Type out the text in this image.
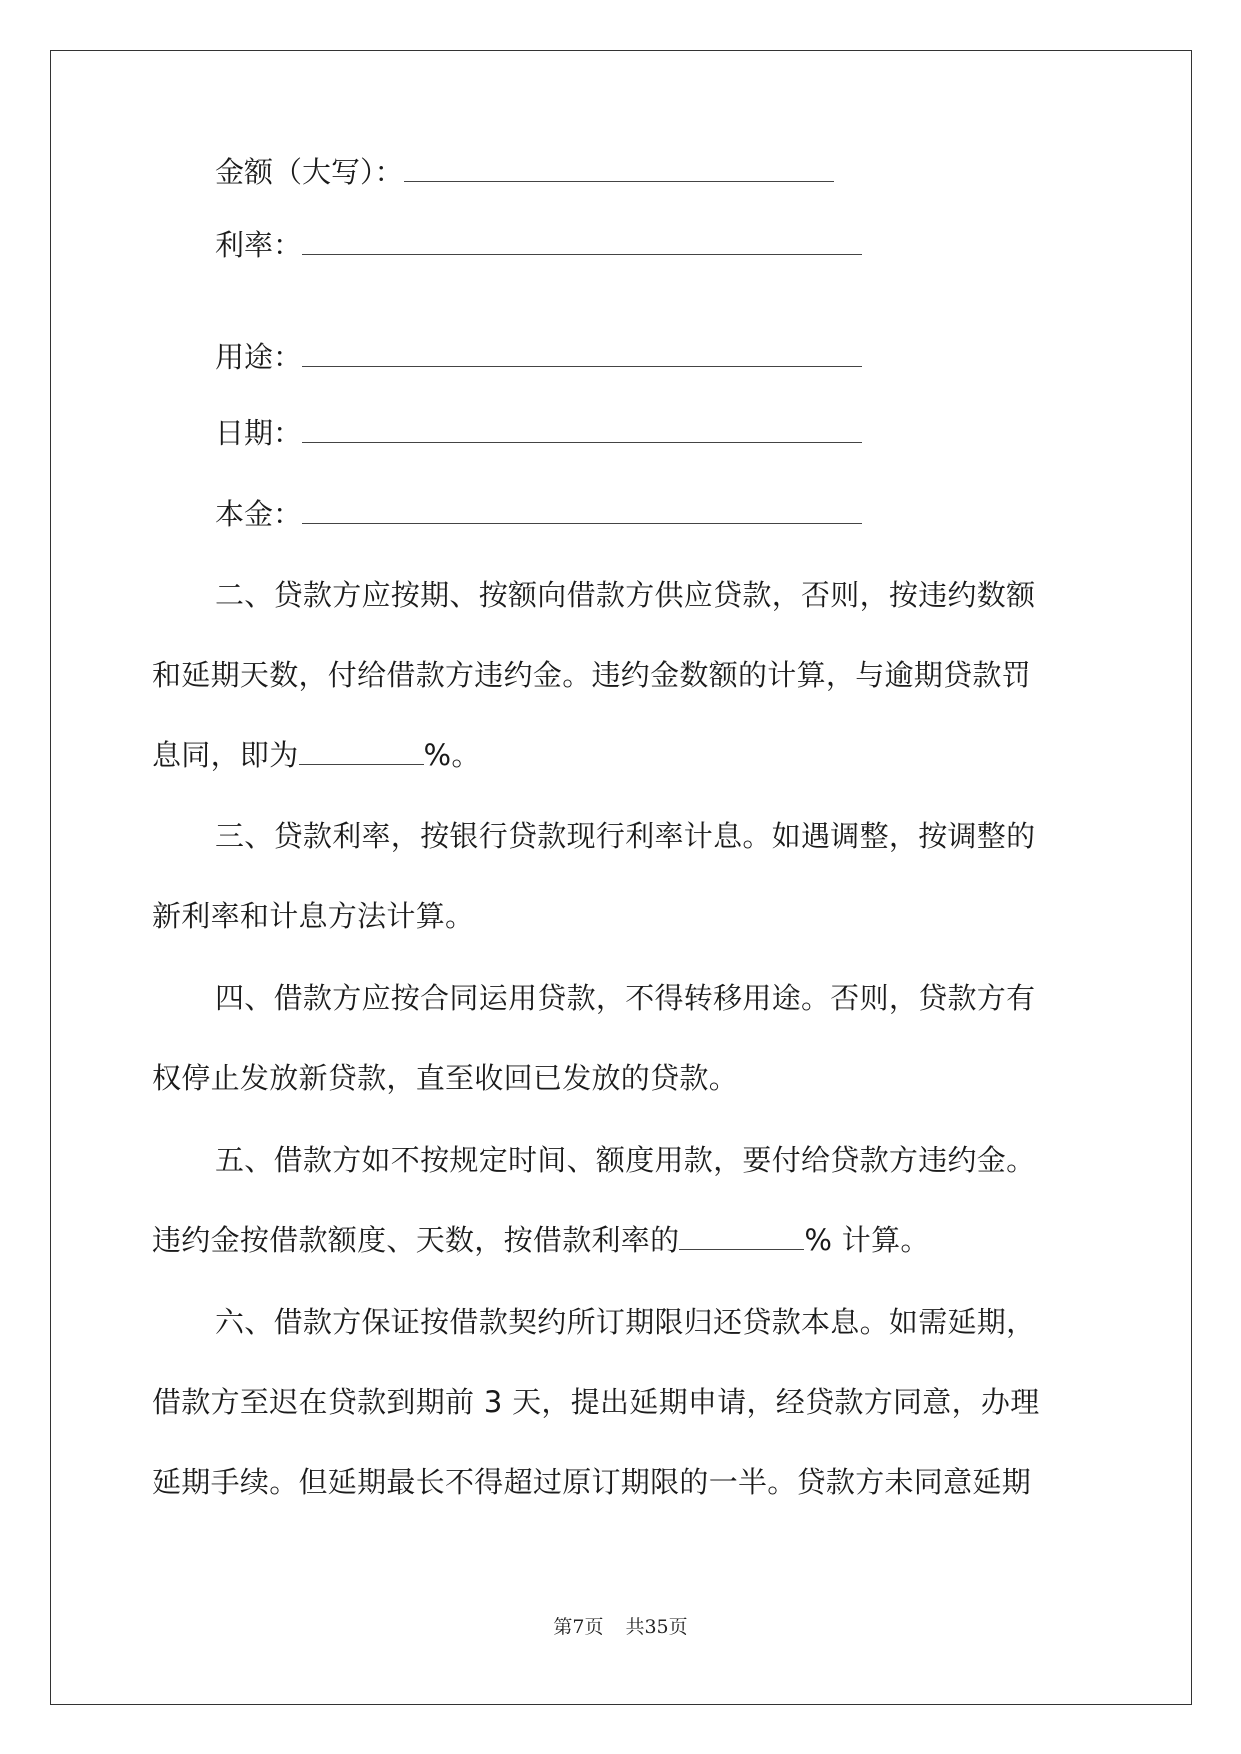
金额（大写）：
利率：
用途：
日期：
本金：
二、贷款方应按期、按额向借款方供应贷款，否则，按违约数额
和延期天数，付给借款方违约金。违约金数额的计算，与逾期贷款罚
息同，即为	%。
三、贷款利率，按银行贷款现行利率计息。如遇调整，按调整的
新利率和计息方法计算。
四、借款方应按合同运用贷款，不得转移用途。否则，贷款方有
权停止发放新贷款，直至收回已发放的贷款。
五、借款方如不按规定时间、额度用款，要付给贷款方违约金。
违约金按借款额度、天数，按借款利率的	% 计算。
六、借款方保证按借款契约所订期限归还贷款本息。如需延期，
借款方至迟在贷款到期前 3 天，提出延期申请，经贷款方同意，办理
延期手续。但延期最长不得超过原订期限的一半。贷款方未同意延期
第7页 共35页
